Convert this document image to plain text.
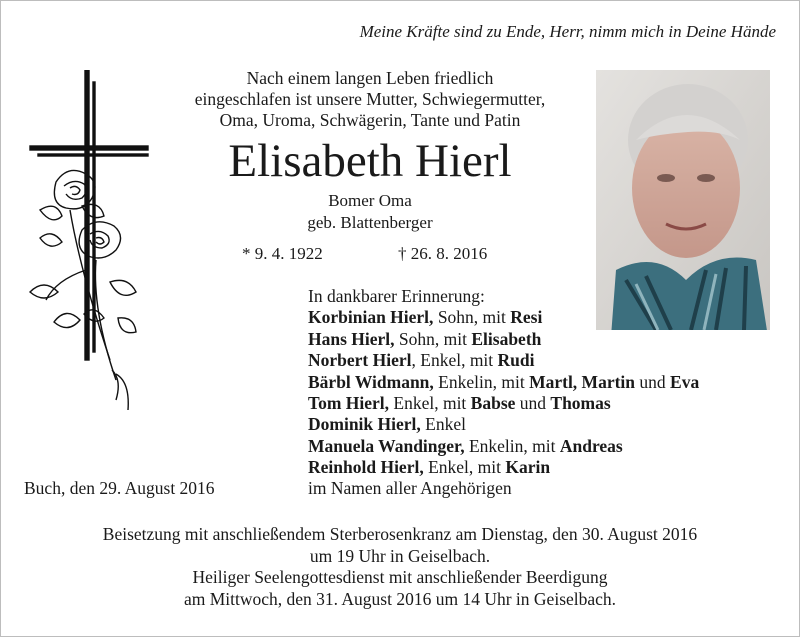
Meine Kräfte sind zu Ende, Herr, nimm mich in Deine Hände
Nach einem langen Leben friedlich
eingeschlafen ist unsere Mutter, Schwiegermutter,
Oma, Uroma, Schwägerin, Tante und Patin
Elisabeth Hierl
Bomer Oma
geb. Blattenberger
* 9. 4. 1922	† 26. 8. 2016
In dankbarer Erinnerung:
Korbinian Hierl, Sohn, mit Resi
Hans Hierl, Sohn, mit Elisabeth
Norbert Hierl, Enkel, mit Rudi
Bärbl Widmann, Enkelin, mit Martl, Martin und Eva
Tom Hierl, Enkel, mit Babse und Thomas
Dominik Hierl, Enkel
Manuela Wandinger, Enkelin, mit Andreas
Reinhold Hierl, Enkel, mit Karin
Buch, den 29. August 2016	im Namen aller Angehörigen
Beisetzung mit anschließendem Sterberosenkranz am Dienstag, den 30. August 2016
um 19 Uhr in Geiselbach.
Heiliger Seelengottesdienst mit anschließender Beerdigung
am Mittwoch, den 31. August 2016 um 14 Uhr in Geiselbach.
